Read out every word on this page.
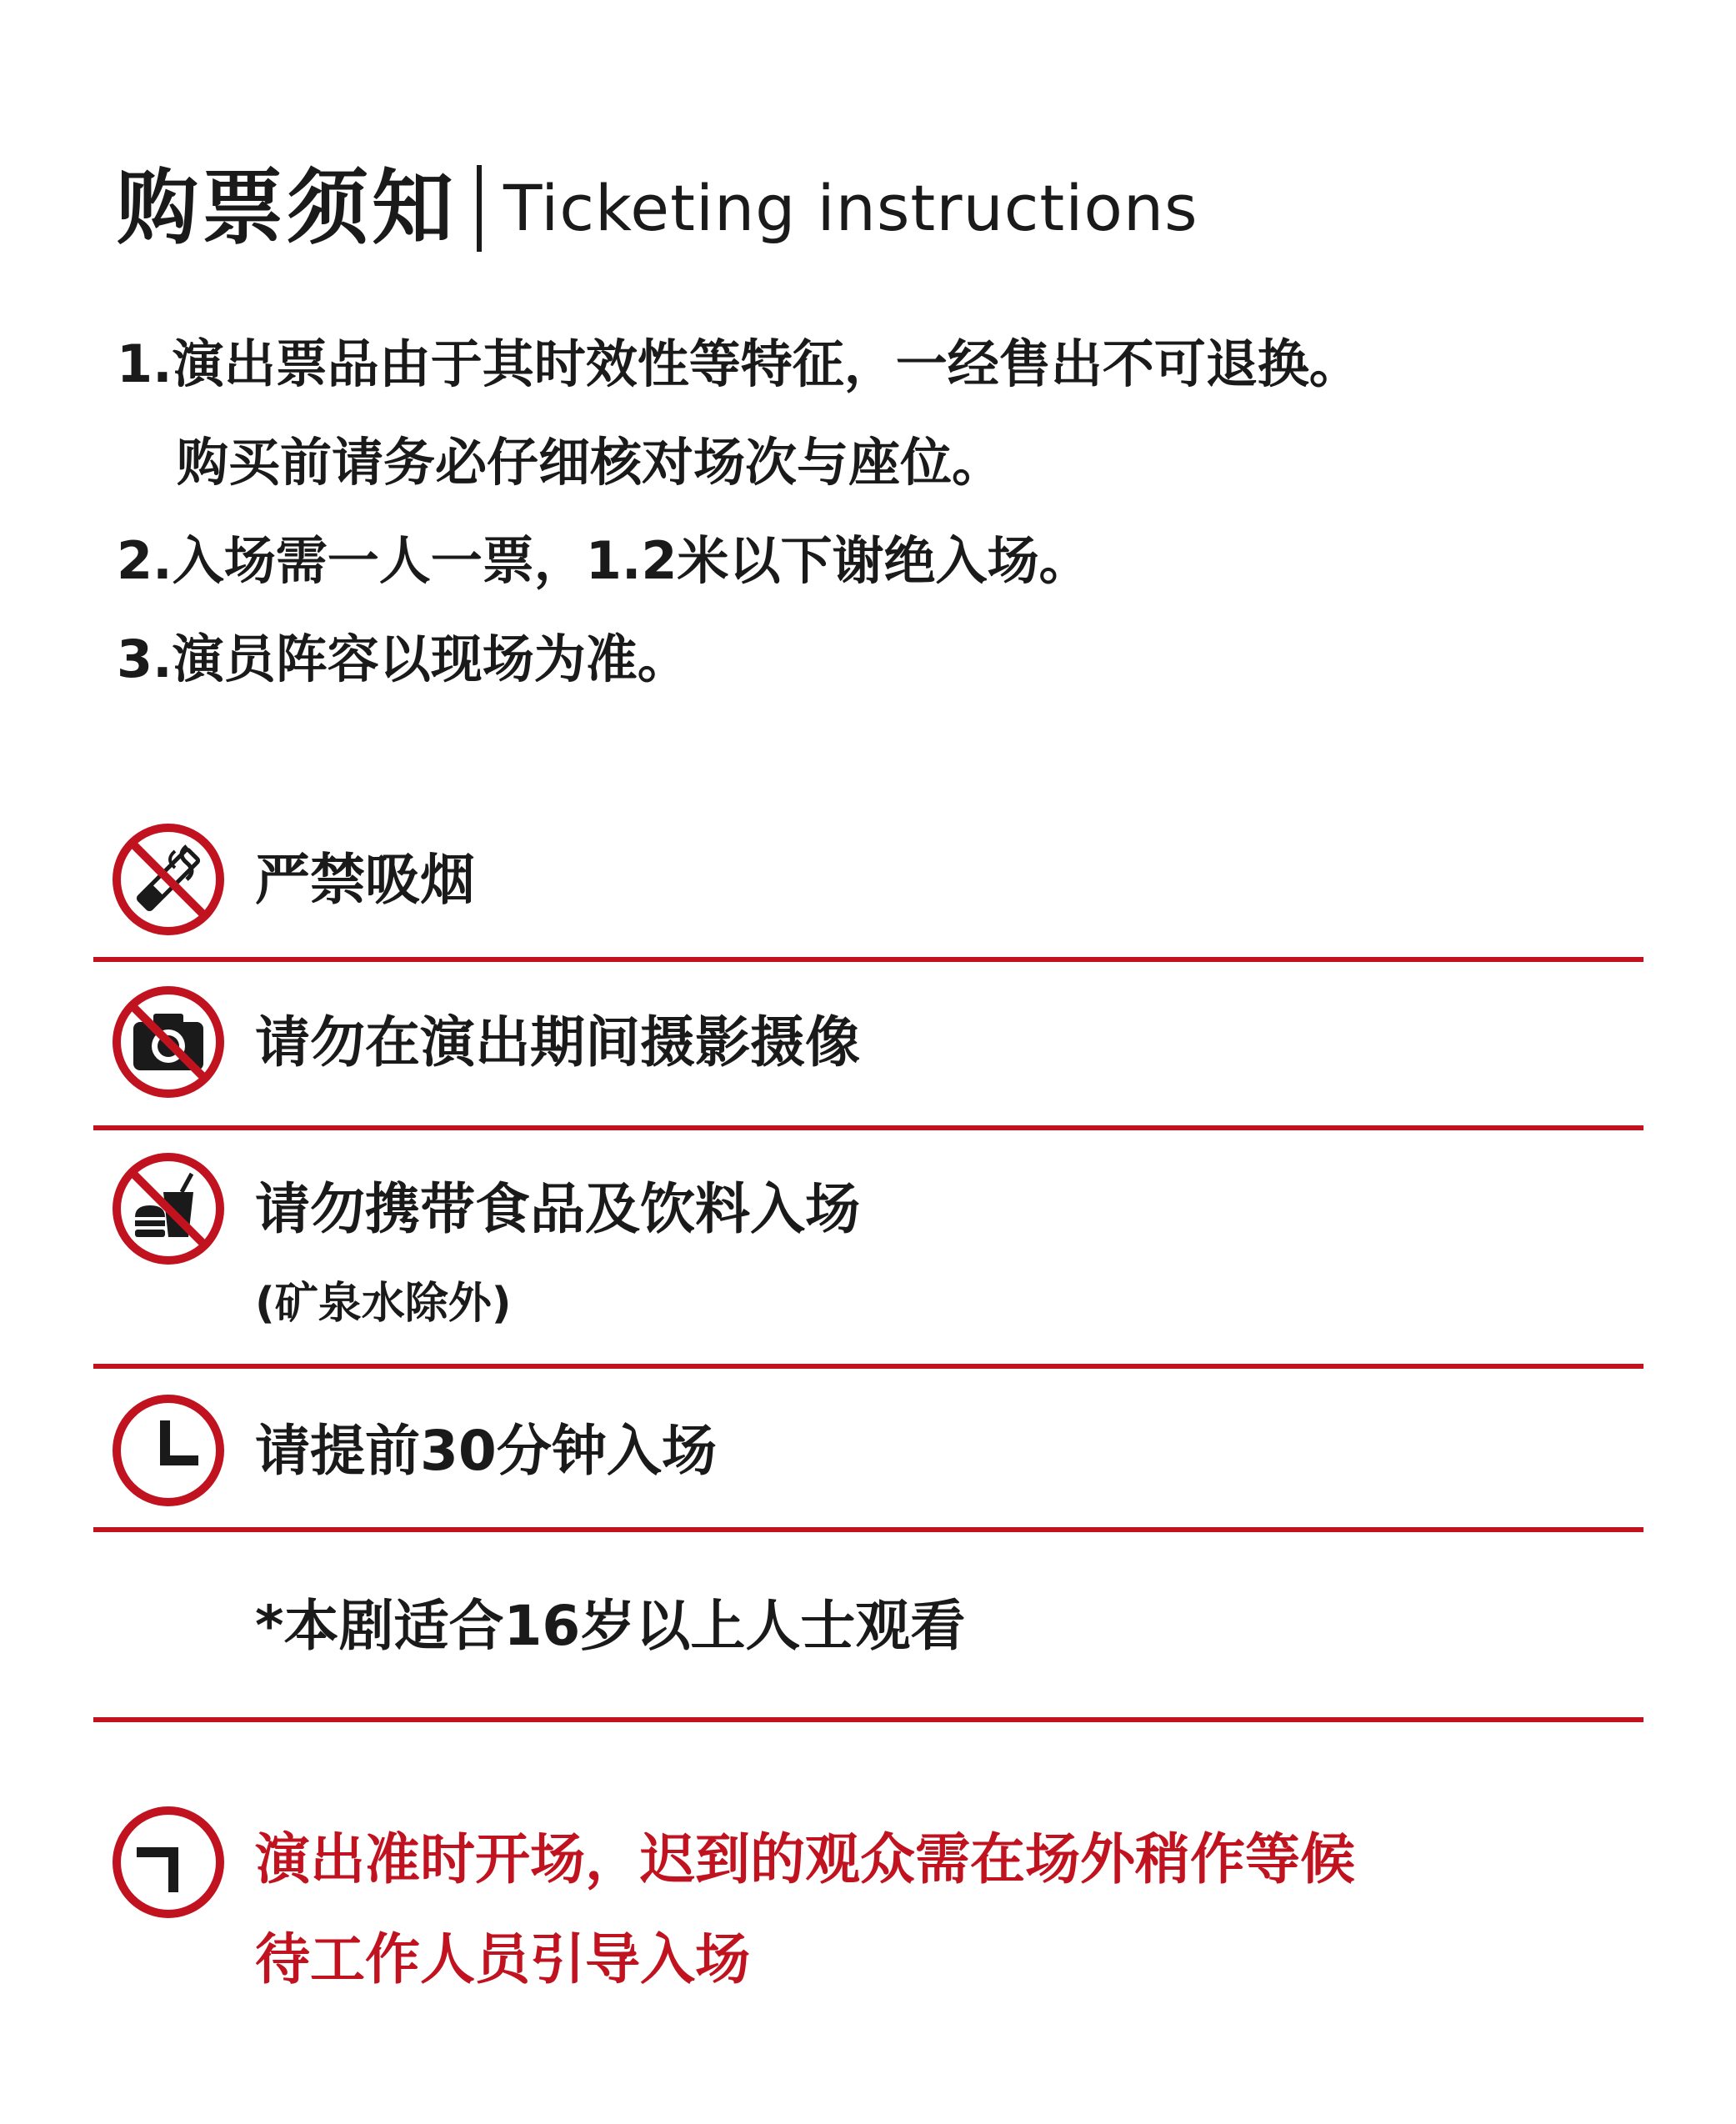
购票须知 Ticketing instructions
1.演出票品由于其时效性等特征，一经售出不可退换。
购买前请务必仔细核对场次与座位。
2.入场需一人一票，1.2米以下谢绝入场。
3.演员阵容以现场为准。
严禁吸烟
请勿在演出期间摄影摄像
请勿携带食品及饮料入场
(矿泉水除外)
请提前30分钟入场
*本剧适合16岁以上人士观看
演出准时开场，迟到的观众需在场外稍作等候
待工作人员引导入场
